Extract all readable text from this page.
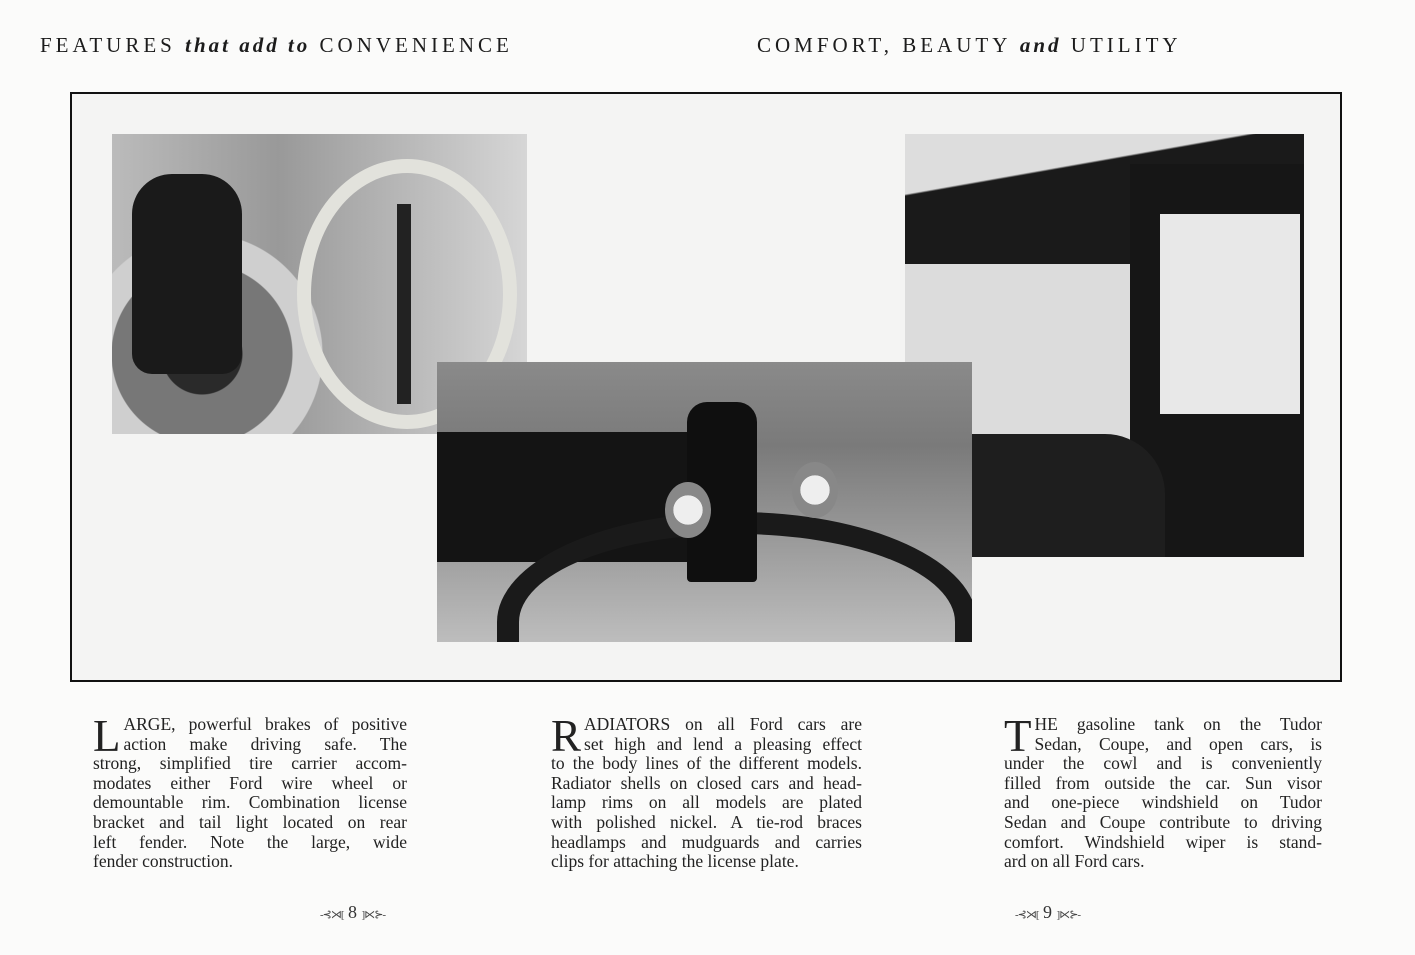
FEATURES that add to CONVENIENCE	COMFORT, BEAUTY and UTILITY
L ARGE, powerful brakes of positive
action make driving safe. The
strong, simplified tire carrier accom-
modates either Ford wire wheel or
demountable rim. Combination license
bracket and tail light located on rear
left fender. Note the large, wide
fender construction.
R ADIATORS on all Ford cars are
set high and lend a pleasing effect
to the body lines of the different models.
Radiator shells on closed cars and head-
lamp rims on all models are plated
with polished nickel. A tie-rod braces
headlamps and mudguards and carries
clips for attaching the license plate.
T HE gasoline tank on the Tudor
Sedan, Coupe, and open cars, is
under the cowl and is conveniently
filled from outside the car. Sun visor
and one-piece windshield on Tudor
Sedan and Coupe contribute to driving
comfort. Windshield wiper is stand-
ard on all Ford cars.
-⊰⋊[ 8 ]⋉⊱-	-⊰⋊[ 9 ]⋉⊱-
